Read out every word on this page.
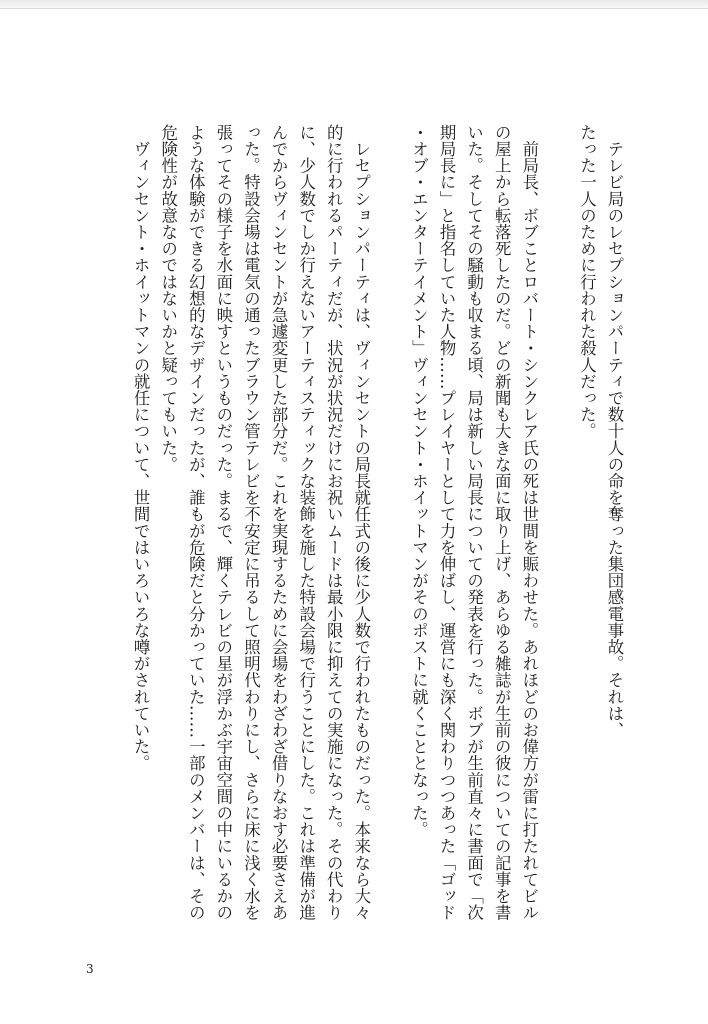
　テレビ局のレセプションパーティで数十人の命を奪った集団感電事故。それは、
たった一人のために行われた殺人だった。

　前局長、ボブことロバート・シンクレア氏の死は世間を賑わせた。あれほどのお偉方が雷に打たれてビル
の屋上から転落死したのだ。どの新聞も大きな面に取り上げ、あらゆる雑誌が生前の彼についての記事を書
いた。そしてその騒動も収まる頃、局は新しい局長についての発表を行った。ボブが生前直々に書面で「次
期局長に」と指名していた人物……プレイヤーとして力を伸ばし、運営にも深く関わりつつあった「ゴッド
・オブ・エンターテイメント」ヴィンセント・ホイットマンがそのポストに就くこととなった。

　レセプションパーティは、ヴィンセントの局長就任式の後に少人数で行われたものだった。本来なら大々
的に行われるパーティだが、状況が状況だけにお祝いムードは最小限に抑えての実施になった。その代わり
に、少人数でしか行えないアーティスティックな装飾を施した特設会場で行うことにした。これは準備が進
んでからヴィンセントが急遽変更した部分だ。これを実現するために会場をわざわざ借りなおす必要さえあ
った。特設会場は電気の通ったブラウン管テレビを不安定に吊るして照明代わりにし、さらに床に浅く水を
張ってその様子を水面に映すというものだった。まるで、輝くテレビの星が浮かぶ宇宙空間の中にいるかの
ような体験ができる幻想的なデザインだったが、誰もが危険だと分かっていた……一部のメンバーは、その
危険性が故意なのではないかと疑ってもいた。
　ヴィンセント・ホイットマンの就任について、世間ではいろいろな噂がされていた。

3
